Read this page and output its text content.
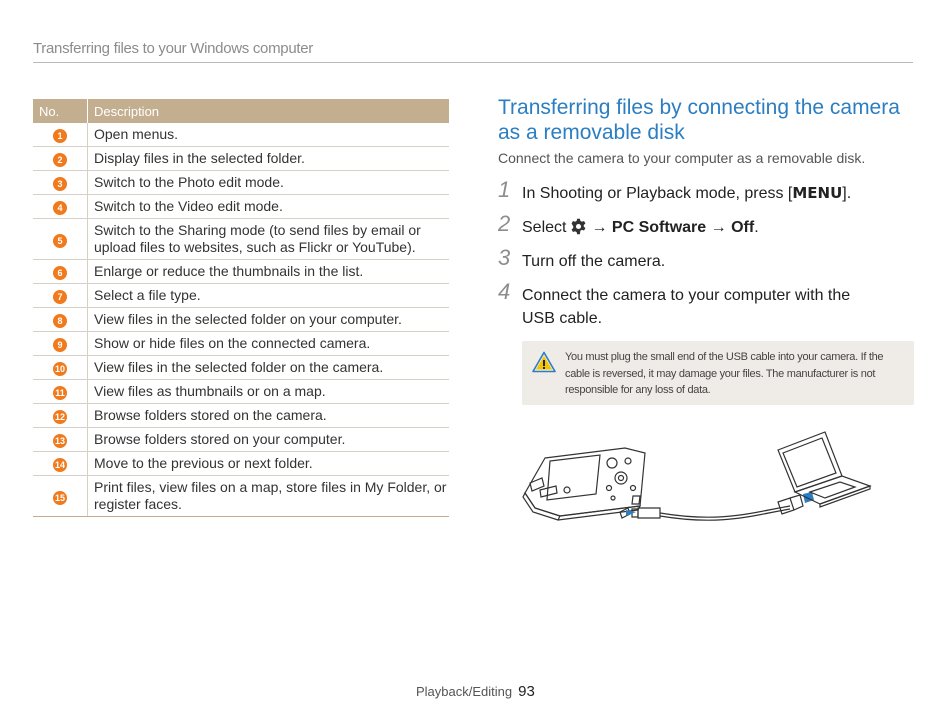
Transferring files to your Windows computer
No.	Description
1	Open menus.
2	Display files in the selected folder.
3	Switch to the Photo edit mode.
4	Switch to the Video edit mode.
5	Switch to the Sharing mode (to send files by email or upload files to websites, such as Flickr or YouTube).
6	Enlarge or reduce the thumbnails in the list.
7	Select a file type.
8	View files in the selected folder on your computer.
9	Show or hide files on the connected camera.
10	View files in the selected folder on the camera.
11	View files as thumbnails or on a map.
12	Browse folders stored on the camera.
13	Browse folders stored on your computer.
14	Move to the previous or next folder.
15	Print files, view files on a map, store files in My Folder, or register faces.
Transferring files by connecting the camera as a removable disk
Connect the camera to your computer as a removable disk.
1 In Shooting or Playback mode, press [MENU].
2 Select → PC Software → Off.
3 Turn off the camera.
4 Connect the camera to your computer with the
USB cable.
You must plug the small end of the USB cable into your camera. If the cable is reversed, it may damage your files. The manufacturer is not responsible for any loss of data.
Playback/Editing 93
